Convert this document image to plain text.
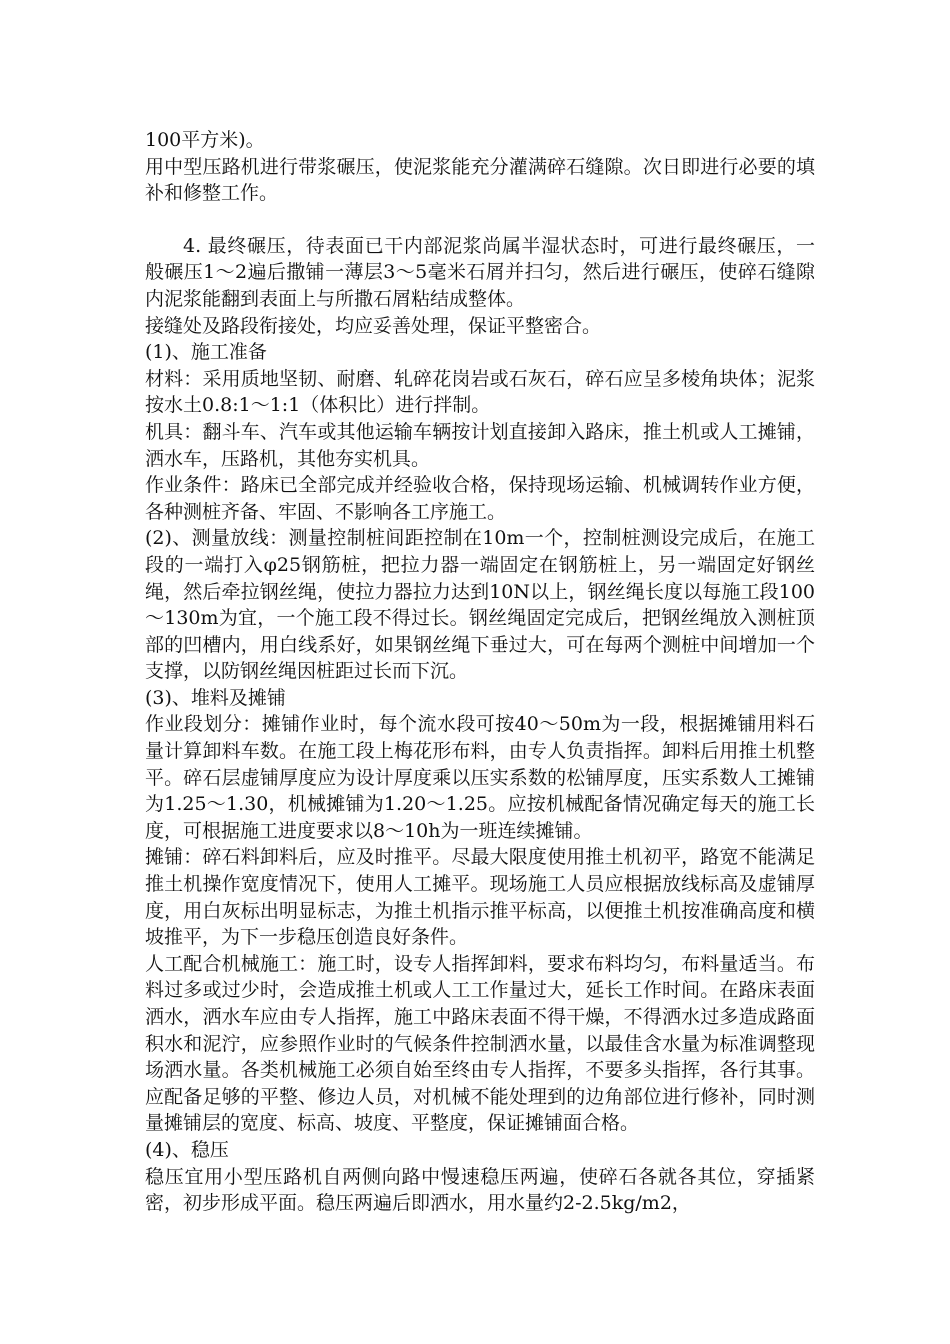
100平方米)。

用中型压路机进行带浆碾压，使泥浆能充分灌满碎石缝隙。次日即进行必要的填补和修整工作。

4. 最终碾压，待表面已干内部泥浆尚属半湿状态时，可进行最终碾压，一般碾压1～2遍后撒铺一薄层3～5毫米石屑并扫匀，然后进行碾压，使碎石缝隙内泥浆能翻到表面上与所撒石屑粘结成整体。

接缝处及路段衔接处，均应妥善处理，保证平整密合。

(1)、施工准备

材料：采用质地坚韧、耐磨、轧碎花岗岩或石灰石，碎石应呈多棱角块体；泥浆按水土0.8:1～1:1（体积比）进行拌制。

机具：翻斗车、汽车或其他运输车辆按计划直接卸入路床，推土机或人工摊铺，洒水车，压路机，其他夯实机具。

作业条件：路床已全部完成并经验收合格，保持现场运输、机械调转作业方便，各种测桩齐备、牢固、不影响各工序施工。

(2)、测量放线：测量控制桩间距控制在10m一个，控制桩测设完成后，在施工段的一端打入φ25钢筋桩，把拉力器一端固定在钢筋桩上，另一端固定好钢丝绳，然后牵拉钢丝绳，使拉力器拉力达到10N以上，钢丝绳长度以每施工段100～130m为宜，一个施工段不得过长。钢丝绳固定完成后，把钢丝绳放入测桩顶部的凹槽内，用白线系好，如果钢丝绳下垂过大，可在每两个测桩中间增加一个支撑，以防钢丝绳因桩距过长而下沉。

(3)、堆料及摊铺

作业段划分：摊铺作业时，每个流水段可按40～50m为一段，根据摊铺用料石量计算卸料车数。在施工段上梅花形布料，由专人负责指挥。卸料后用推土机整平。碎石层虚铺厚度应为设计厚度乘以压实系数的松铺厚度，压实系数人工摊铺为1.25～1.30，机械摊铺为1.20～1.25。应按机械配备情况确定每天的施工长度，可根据施工进度要求以8～10h为一班连续摊铺。

摊铺：碎石料卸料后，应及时推平。尽最大限度使用推土机初平，路宽不能满足推土机操作宽度情况下，使用人工摊平。现场施工人员应根据放线标高及虚铺厚度，用白灰标出明显标志，为推土机指示推平标高，以便推土机按准确高度和横坡推平，为下一步稳压创造良好条件。

人工配合机械施工：施工时，设专人指挥卸料，要求布料均匀，布料量适当。布料过多或过少时，会造成推土机或人工工作量过大，延长工作时间。在路床表面洒水，洒水车应由专人指挥，施工中路床表面不得干燥，不得洒水过多造成路面积水和泥泞，应参照作业时的气候条件控制洒水量，以最佳含水量为标准调整现场洒水量。各类机械施工必须自始至终由专人指挥，不要多头指挥，各行其事。应配备足够的平整、修边人员，对机械不能处理到的边角部位进行修补，同时测量摊铺层的宽度、标高、坡度、平整度，保证摊铺面合格。

(4)、稳压

稳压宜用小型压路机自两侧向路中慢速稳压两遍，使碎石各就各其位，穿插紧密，初步形成平面。稳压两遍后即洒水，用水量约2-2.5kg/m2，
